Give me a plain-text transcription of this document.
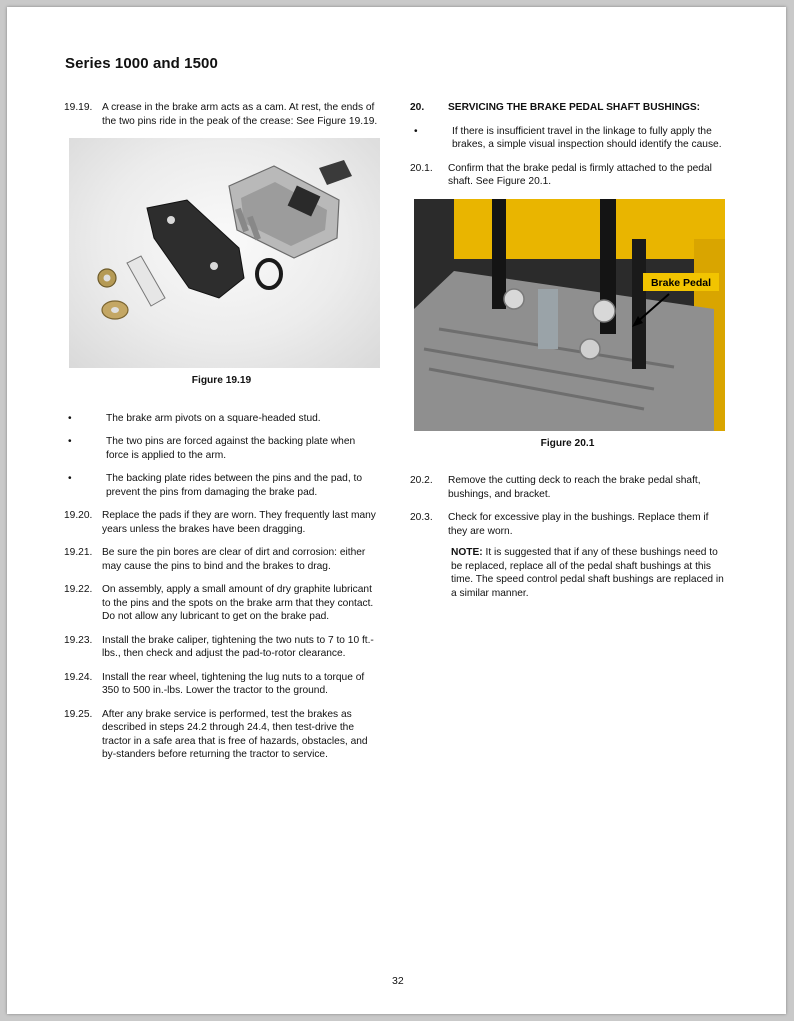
Series 1000 and 1500
19.19. A crease in the brake arm acts as a cam. At rest, the ends of the two pins ride in the peak of the crease: See Figure 19.19.
Figure 19.19
•	The brake arm pivots on a square-headed stud.
•	The two pins are forced against the backing plate when force is applied to the arm.
•	The backing plate rides between the pins and the pad, to prevent the pins from damaging the brake pad.
19.20. Replace the pads if they are worn. They frequently last many years unless the brakes have been dragging.
19.21. Be sure the pin bores are clear of dirt and corrosion: either may cause the pins to bind and the brakes to drag.
19.22. On assembly, apply a small amount of dry graphite lubricant to the pins and the spots on the brake arm that they contact. Do not allow any lubricant to get on the brake pad.
19.23. Install the brake caliper, tightening the two nuts to 7 to 10 ft.-lbs., then check and adjust the pad-to-rotor clearance.
19.24. Install the rear wheel, tightening the lug nuts to a torque of 350 to 500 in.-lbs. Lower the tractor to the ground.
19.25. After any brake service is performed, test the brakes as described in steps 24.2 through 24.4, then test-drive the tractor in a safe area that is free of hazards, obstacles, and by-standers before returning the tractor to service.
20.	SERVICING THE BRAKE PEDAL SHAFT BUSHINGS:
•	If there is insufficient travel in the linkage to fully apply the brakes, a simple visual inspection should identify the cause.
20.1.	Confirm that the brake pedal is firmly attached to the pedal shaft. See Figure 20.1.
Brake Pedal
Figure 20.1
20.2.	Remove the cutting deck to reach the brake pedal shaft, bushings, and bracket.
20.3.	Check for excessive play in the bushings. Replace them if they are worn.
NOTE: It is suggested that if any of these bushings need to be replaced, replace all of the pedal shaft bushings at this time. The speed control pedal shaft bushings are replaced in a similar manner.
32
